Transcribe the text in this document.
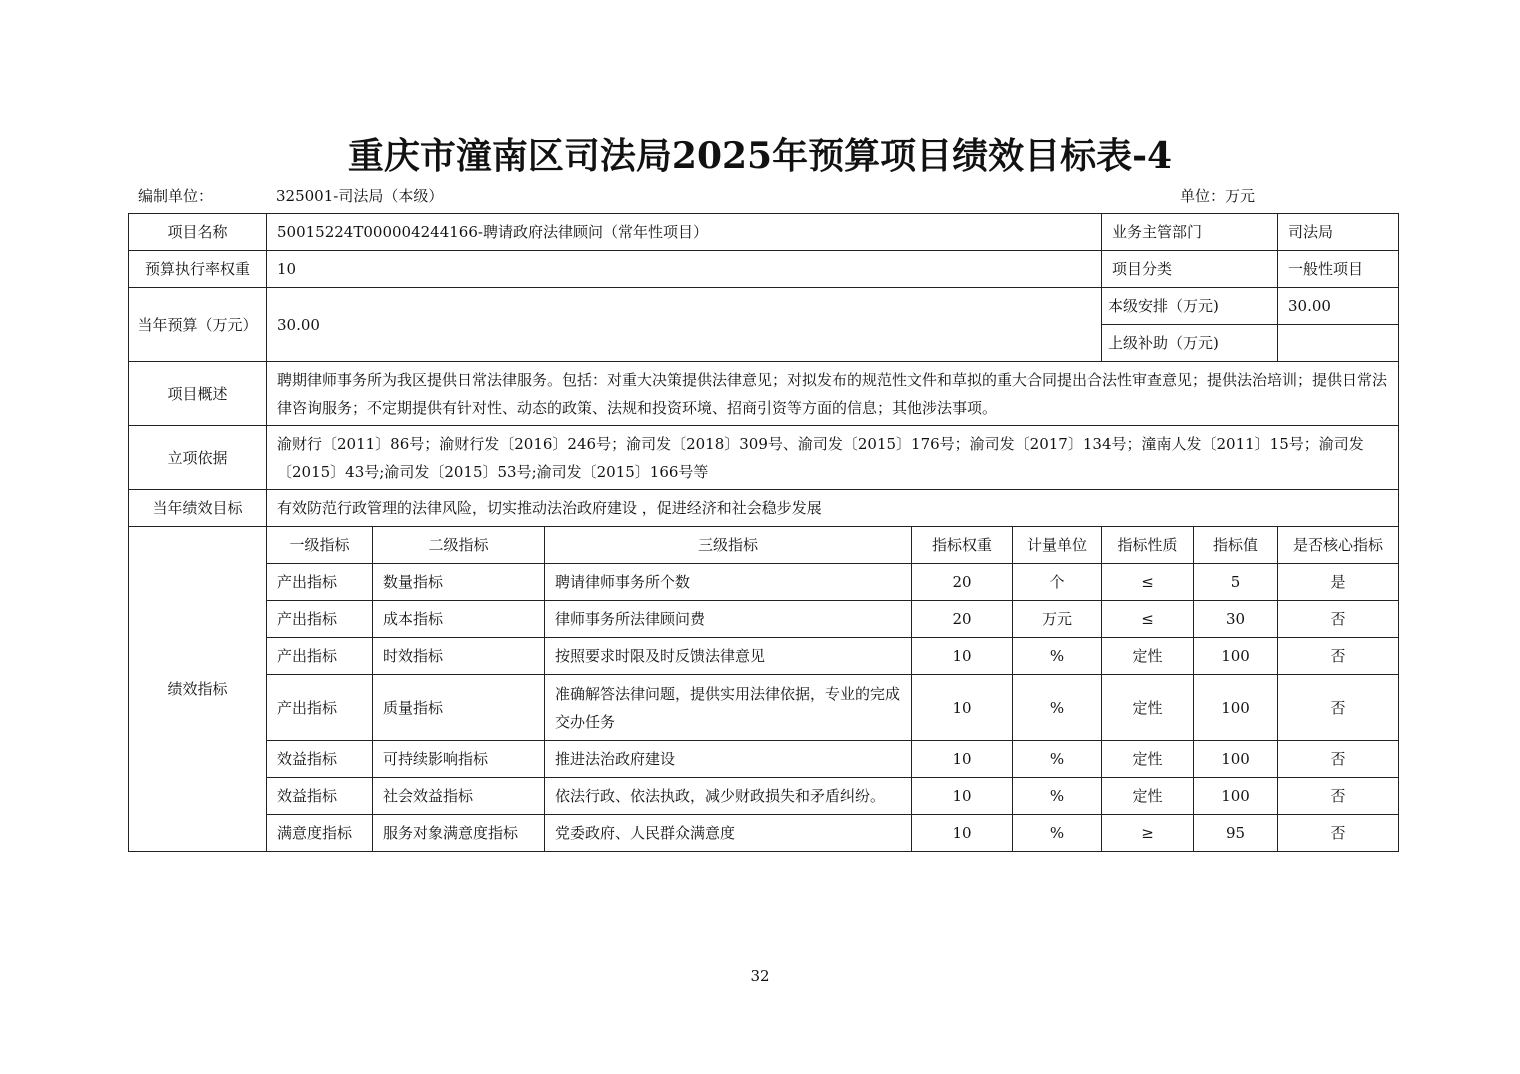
重庆市潼南区司法局2025年预算项目绩效目标表-4
编制单位：	325001-司法局（本级）	单位：万元
项目名称	50015224T000004244166-聘请政府法律顾问（常年性项目）					业务主管部门		司法局
预算执行率权重	10					项目分类		一般性项目
当年预算（万元）	30.00					本级安排（万元)		30.00
						上级补助（万元)		
项目概述	聘期律师事务所为我区提供日常法律服务。包括：对重大决策提供法律意见；对拟发布的规范性文件和草拟的重大合同提出合法性审查意见；提供法治培训；提供日常法律咨询服务；不定期提供有针对性、动态的政策、法规和投资环境、招商引资等方面的信息；其他涉法事项。							
立项依据	渝财行〔2011〕86号；渝财行发〔2016〕246号；渝司发〔2018〕309号、渝司发〔2015〕176号；渝司发〔2017〕134号；潼南人发〔2011〕15号；渝司发〔2015〕43号;渝司发〔2015〕53号;渝司发〔2015〕166号等							
当年绩效目标	有效防范行政管理的法律风险，切实推动法治政府建设 ，促进经济和社会稳步发展							
绩效指标	一级指标	二级指标	三级指标	指标权重	计量单位	指标性质	指标值	是否核心指标
	产出指标	数量指标	聘请律师事务所个数	20	个	≤	5	是
	产出指标	成本指标	律师事务所法律顾问费	20	万元	≤	30	否
	产出指标	时效指标	按照要求时限及时反馈法律意见	10	%	定性	100	否
	产出指标	质量指标	准确解答法律问题，提供实用法律依据，专业的完成交办任务	10	%	定性	100	否
	效益指标	可持续影响指标	推进法治政府建设	10	%	定性	100	否
	效益指标	社会效益指标	依法行政、依法执政，减少财政损失和矛盾纠纷。	10	%	定性	100	否
	满意度指标	服务对象满意度指标	党委政府、人民群众满意度	10	%	≥	95	否
32
